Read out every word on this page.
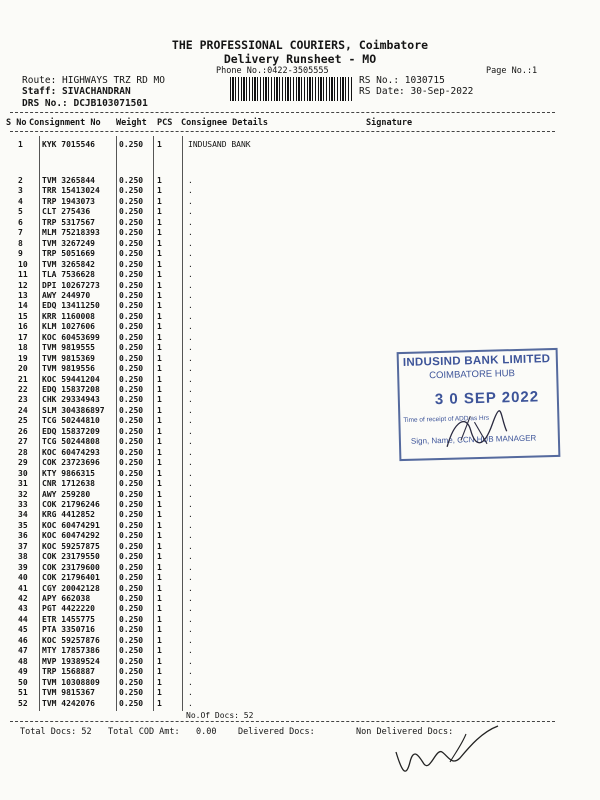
THE PROFESSIONAL COURIERS, Coimbatore
Delivery Runsheet - MO
Phone No.:0422-3505555	Page No.:1
Route: HIGHWAYS TRZ RD MO
Staff: SIVACHANDRAN
DRS No.: DCJB103071501
RS No.: 1030715
RS Date: 30-Sep-2022
S No Consignment No Weight PCS Consignee Details	Signature
1 KYK 7015546	0.250 1	INDUSAND BANK
2 TVM 3265844	0.250 1	.
3 TRR 15413024 0.250 1	.
4 TRP 1943073	0.250 1	.
5 CLT 275436	0.250 1	.
6 TRP 5317567	0.250 1	.
7 MLM 75218393 0.250 1	.
8 TVM 3267249	0.250 1	.
9 TRP 5051669	0.250 1	.
10 TVM 3265842	0.250 1	.
11 TLA 7536628	0.250 1	.
12 DPI 10267273 0.250 1	.
13 AWY 244970	0.250 1	.
14 EDQ 13411250 0.250 1	.
15 KRR 1160008	0.250 1	.
16 KLM 1027606	0.250 1	.
17 KOC 60453699 0.250 1	.
18 TVM 9819555	0.250 1	.
19 TVM 9815369	0.250 1	.
20 TVM 9819556	0.250 1	.
21 KOC 59441204 0.250 1	.
22 EDQ 15837208 0.250 1	.
23 CHK 29334943 0.250 1	.
24 SLM 304386897 0.250 1	.
25 TCG 50244810 0.250 1	.
26 EDQ 15837209 0.250 1	.
27 TCG 50244808 0.250 1	.
28 KOC 60474293 0.250 1	.
29 COK 23723696 0.250 1	.
30 KTY 9866315	0.250 1	.
31 CNR 1712638	0.250 1	.
32 AWY 259280	0.250 1	.
33 COK 21796246 0.250 1	.
34 KRG 4412852	0.250 1	.
35 KOC 60474291 0.250 1	.
36 KOC 60474292 0.250 1	.
37 KOC 59257875 0.250 1	.
38 COK 23179550 0.250 1	.
39 COK 23179600 0.250 1	.
40 COK 21796401 0.250 1	.
41 CGY 20042128 0.250 1	.
42 APY 662038	0.250 1	.
43 PGT 4422220	0.250 1	.
44 ETR 1455775	0.250 1	.
45 PTA 3350716	0.250 1	.
46 KOC 59257876 0.250 1	.
47 MTY 17857386 0.250 1	.
48 MVP 19389524 0.250 1	.
49 TRP 1568887	0.250 1	.
50 TVM 10308809 0.250 1	.
51 TVM 9815367	0.250 1	.
52 TVM 4242076	0.250 1	.
No.Of Docs: 52
INDUSIND BANK LIMITED
COIMBATORE HUB
3 0 SEP 2022
Time of receipt of ADD as Hrs
Sign, Name, CCN HUB MANAGER
Total Docs: 52 Total COD Amt: 0.00	Delivered Docs:	Non Delivered Docs:
